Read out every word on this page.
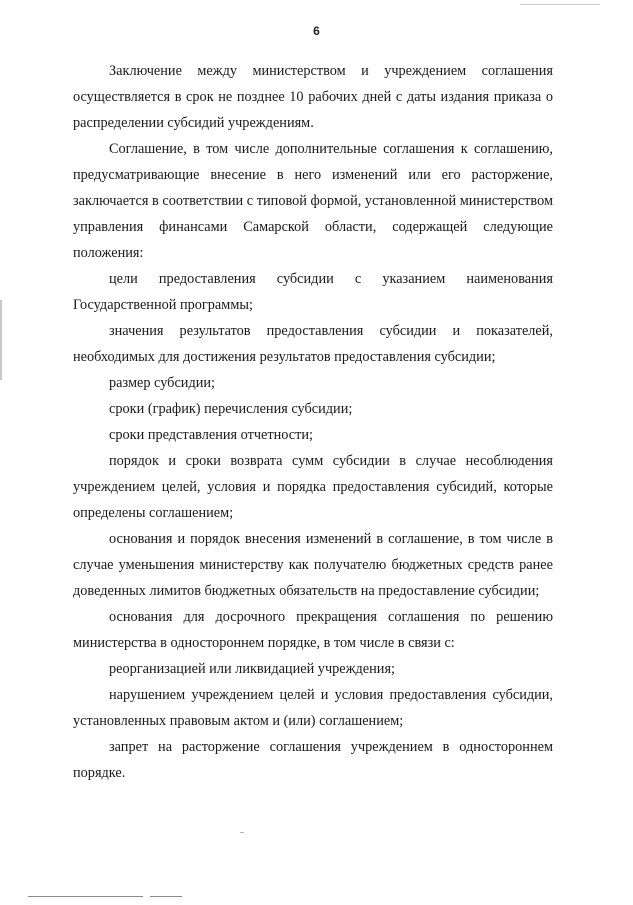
6

Заключение между министерством и учреждением соглашения осуществляется в срок не позднее 10 рабочих дней с даты издания приказа о распределении субсидий учреждениям.

Соглашение, в том числе дополнительные соглашения к соглашению, предусматривающие внесение в него изменений или его расторжение, заключается в соответствии с типовой формой, установленной министерством управления финансами Самарской области, содержащей следующие положения:

цели предоставления субсидии с указанием наименования Государственной программы;

значения результатов предоставления субсидии и показателей, необходимых для достижения результатов предоставления субсидии;

размер субсидии;

сроки (график) перечисления субсидии;

сроки представления отчетности;

порядок и сроки возврата сумм субсидии в случае несоблюдения учреждением целей, условия и порядка предоставления субсидий, которые определены соглашением;

основания и порядок внесения изменений в соглашение, в том числе в случае уменьшения министерству как получателю бюджетных средств ранее доведенных лимитов бюджетных обязательств на предоставление субсидии;

основания для досрочного прекращения соглашения по решению министерства в одностороннем порядке, в том числе в связи с:

реорганизацией или ликвидацией учреждения;

нарушением учреждением целей и условия предоставления субсидии, установленных правовым актом и (или) соглашением;

запрет на расторжение соглашения учреждением в одностороннем порядке.
